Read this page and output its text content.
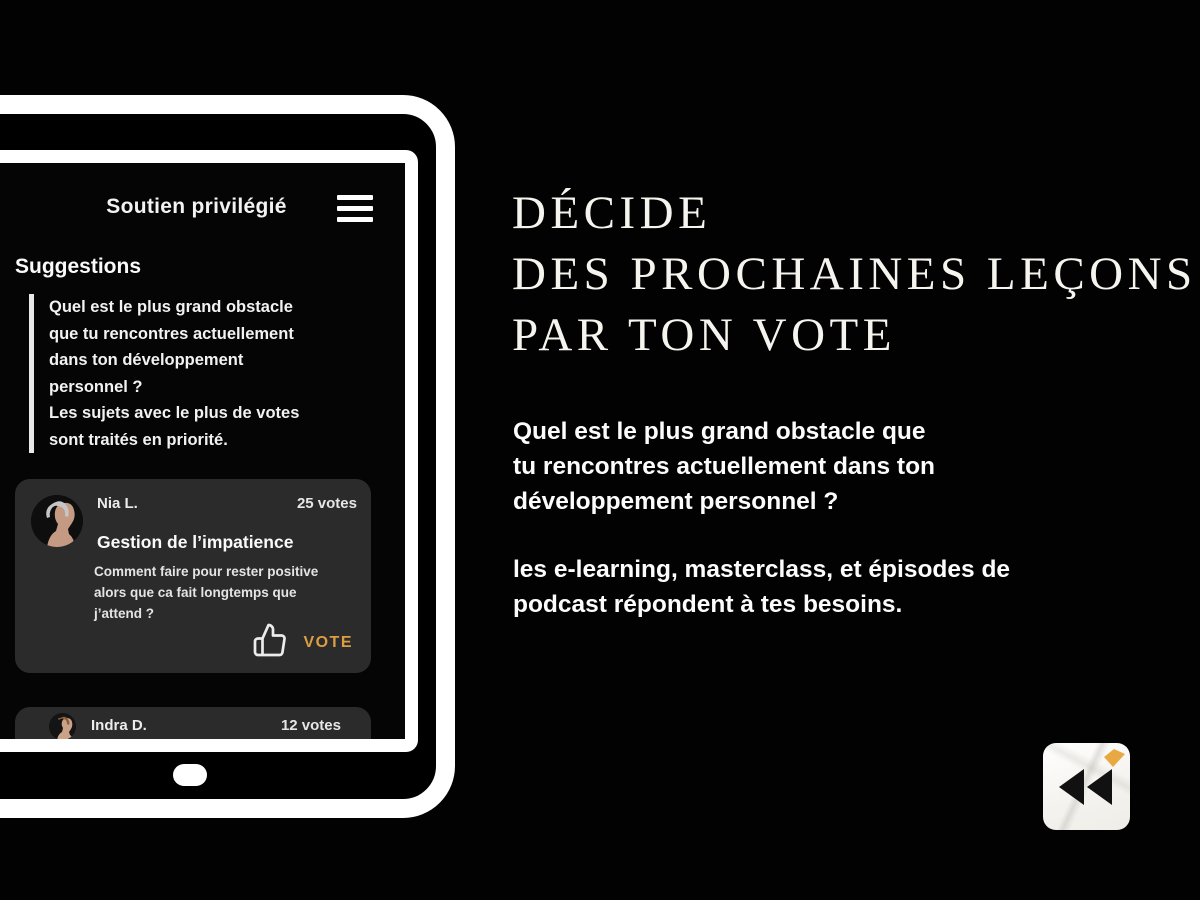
Soutien privilégié
Suggestions
Quel est le plus grand obstacle
que tu rencontres actuellement
dans ton développement
personnel ?
Les sujets avec le plus de votes
sont traités en priorité.
Nia L.	25 votes
Gestion de l’impatience
Comment faire pour rester positive
alors que ca fait longtemps que
j’attend ?
VOTE
Indra D.	12 votes
DÉCIDE
DES PROCHAINES LEÇONS
PAR TON VOTE
Quel est le plus grand obstacle que
tu rencontres actuellement dans ton
développement personnel ?
les e-learning, masterclass, et épisodes de
podcast répondent à tes besoins.
